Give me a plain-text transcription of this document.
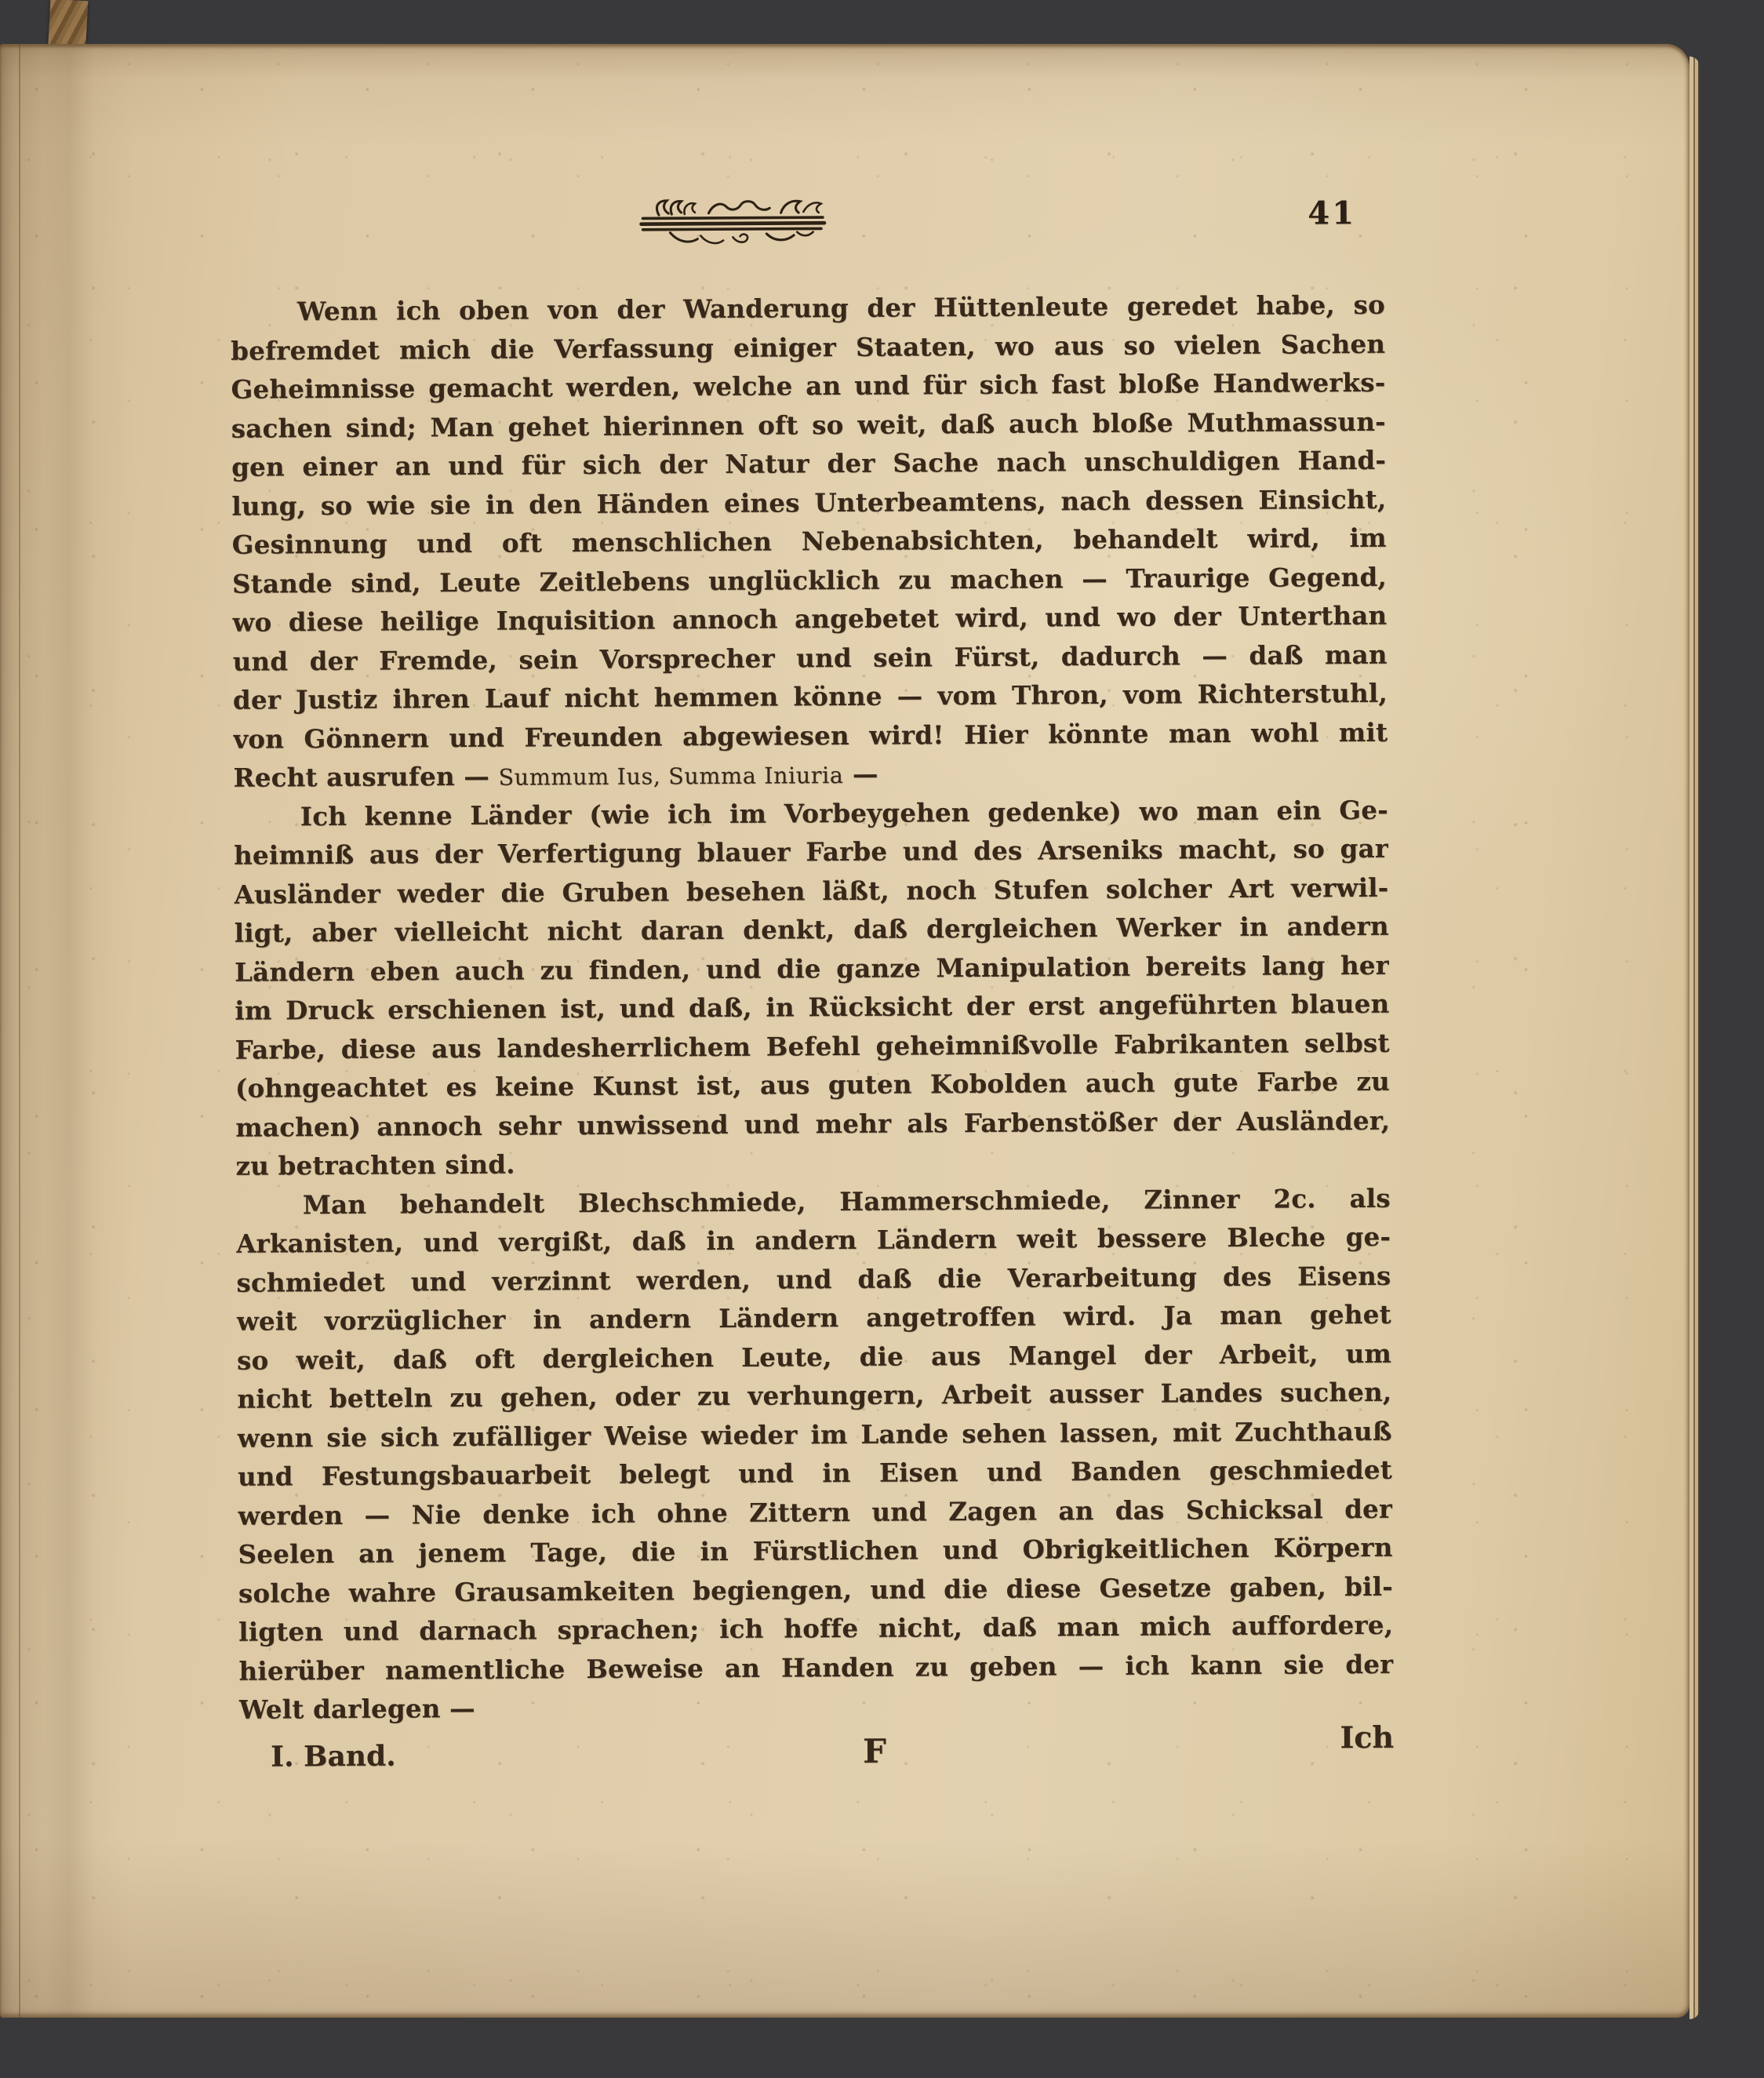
41
Wenn ich oben von der Wanderung der Hüttenleute geredet habe, so
befremdet mich die Verfassung einiger Staaten, wo aus so vielen Sachen
Geheimnisse gemacht werden, welche an und für sich fast bloße Handwerks-
sachen sind; Man gehet hierinnen oft so weit, daß auch bloße Muthmassun-
gen einer an und für sich der Natur der Sache nach unschuldigen Hand-
lung, so wie sie in den Händen eines Unterbeamtens, nach dessen Einsicht,
Gesinnung und oft menschlichen Nebenabsichten, behandelt wird, im
Stande sind, Leute Zeitlebens unglücklich zu machen — Traurige Gegend,
wo diese heilige Inquisition annoch angebetet wird, und wo der Unterthan
und der Fremde, sein Vorsprecher und sein Fürst, dadurch — daß man
der Justiz ihren Lauf nicht hemmen könne — vom Thron, vom Richterstuhl,
von Gönnern und Freunden abgewiesen wird! Hier könnte man wohl mit
Recht ausrufen — Summum Ius, Summa Iniuria —
Ich kenne Länder (wie ich im Vorbeygehen gedenke) wo man ein Ge-
heimniß aus der Verfertigung blauer Farbe und des Arseniks macht, so gar
Ausländer weder die Gruben besehen läßt, noch Stufen solcher Art verwil-
ligt, aber vielleicht nicht daran denkt, daß dergleichen Werker in andern
Ländern eben auch zu finden, und die ganze Manipulation bereits lang her
im Druck erschienen ist, und daß, in Rücksicht der erst angeführten blauen
Farbe, diese aus landesherrlichem Befehl geheimnißvolle Fabrikanten selbst
(ohngeachtet es keine Kunst ist, aus guten Kobolden auch gute Farbe zu
machen) annoch sehr unwissend und mehr als Farbenstößer der Ausländer,
zu betrachten sind.
Man behandelt Blechschmiede, Hammerschmiede, Zinner 2c. als
Arkanisten, und vergißt, daß in andern Ländern weit bessere Bleche ge-
schmiedet und verzinnt werden, und daß die Verarbeitung des Eisens
weit vorzüglicher in andern Ländern angetroffen wird. Ja man gehet
so weit, daß oft dergleichen Leute, die aus Mangel der Arbeit, um
nicht betteln zu gehen, oder zu verhungern, Arbeit ausser Landes suchen,
wenn sie sich zufälliger Weise wieder im Lande sehen lassen, mit Zuchthauß
und Festungsbauarbeit belegt und in Eisen und Banden geschmiedet
werden — Nie denke ich ohne Zittern und Zagen an das Schicksal der
Seelen an jenem Tage, die in Fürstlichen und Obrigkeitlichen Körpern
solche wahre Grausamkeiten begiengen, und die diese Gesetze gaben, bil-
ligten und darnach sprachen; ich hoffe nicht, daß man mich auffordere,
hierüber namentliche Beweise an Handen zu geben — ich kann sie der
Welt darlegen —
I. Band.	F	Ich
